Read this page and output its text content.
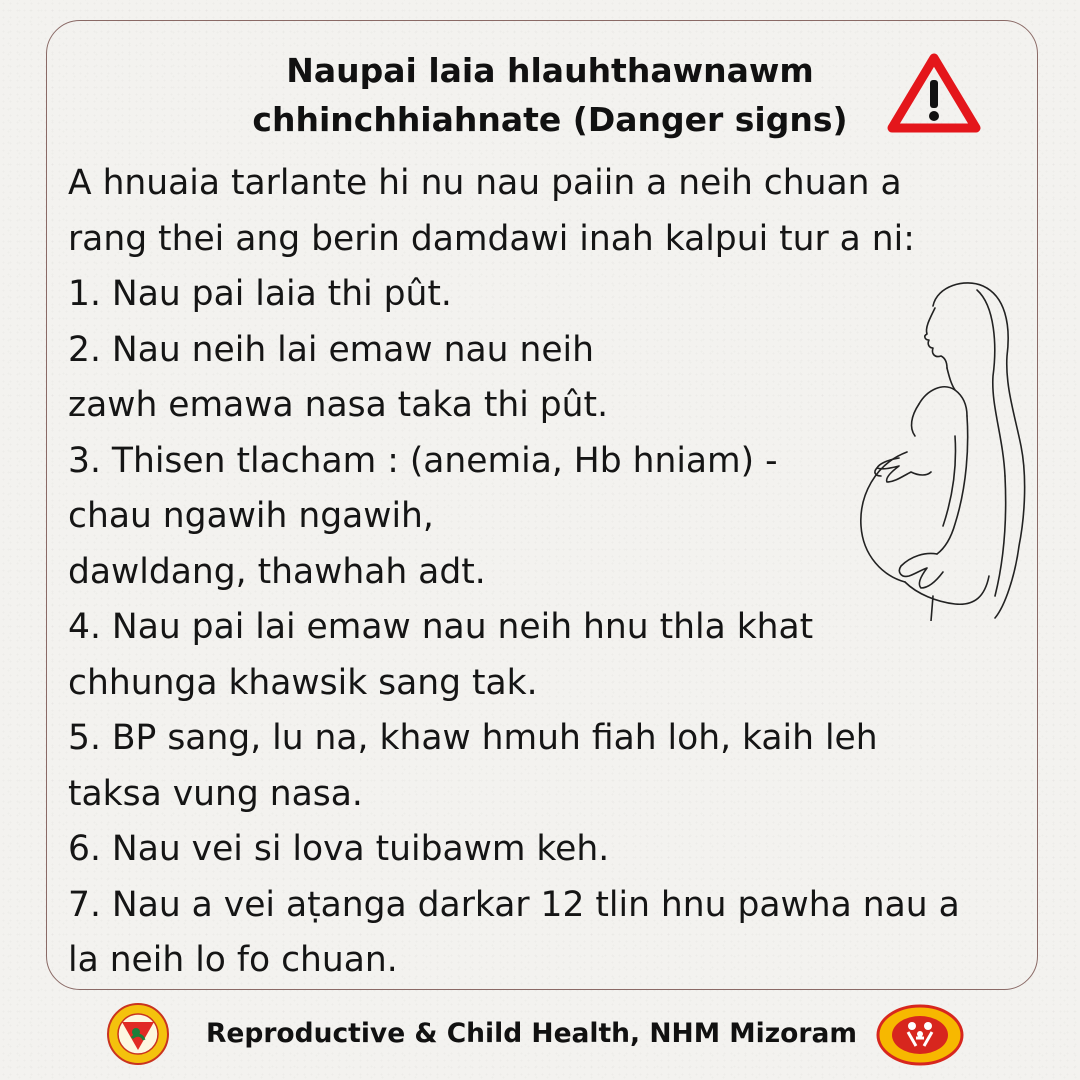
Naupai laia hlauhthawnawm
chhinchhiahnate (Danger signs)
A hnuaia tarlante hi nu nau paiin a neih chuan a
rang thei ang berin damdawi inah kalpui tur a ni:
1. Nau pai laia thi pût.
2. Nau neih lai emaw nau neih
zawh emawa nasa taka thi pût.
3. Thisen tlacham : (anemia, Hb hniam) -
chau ngawih ngawih,
dawldang, thawhah adt.
4. Nau pai lai emaw nau neih hnu thla khat
chhunga khawsik sang tak.
5. BP sang, lu na, khaw hmuh fiah loh, kaih leh
taksa vung nasa.
6. Nau vei si lova tuibawm keh.
7. Nau a vei aṭanga darkar 12 tlin hnu pawha nau a
la neih lo fo chuan.
Reproductive & Child Health, NHM Mizoram
